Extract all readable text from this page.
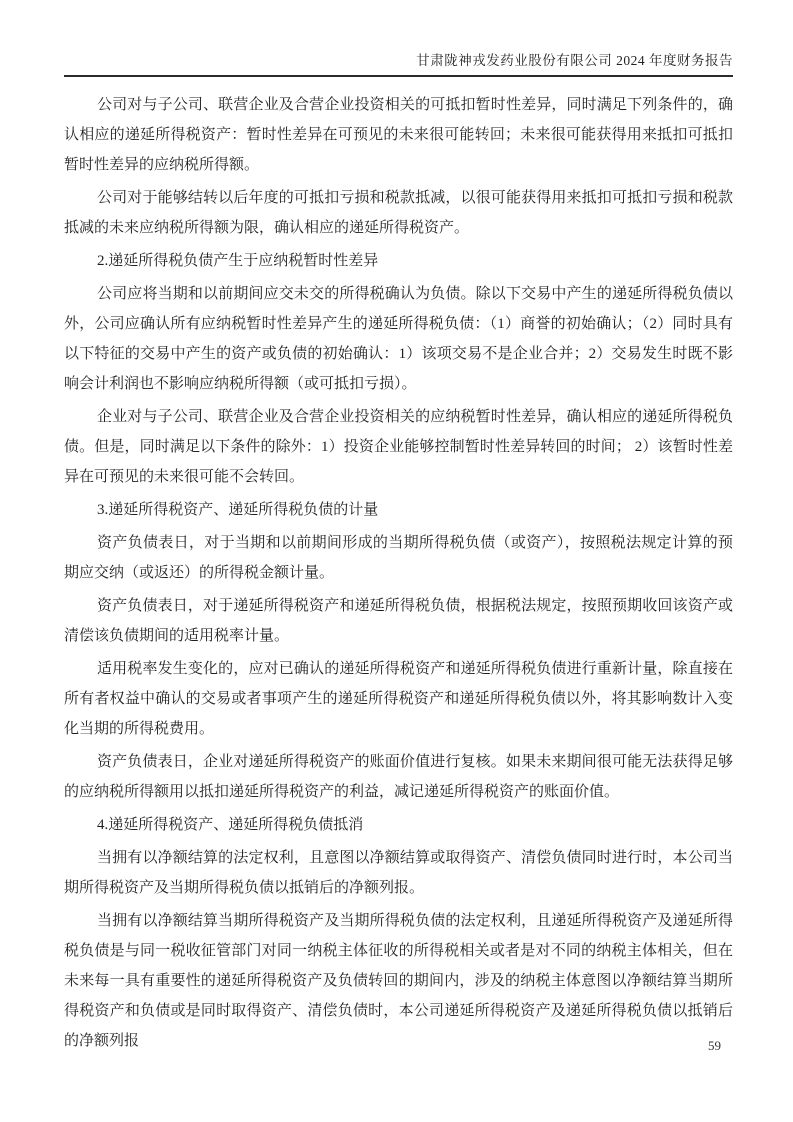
甘肃陇神戎发药业股份有限公司 2024 年度财务报告

公司对与子公司、联营企业及合营企业投资相关的可抵扣暂时性差异，同时满足下列条件的，确认相应的递延所得税资产：暂时性差异在可预见的未来很可能转回；未来很可能获得用来抵扣可抵扣暂时性差异的应纳税所得额。

公司对于能够结转以后年度的可抵扣亏损和税款抵减，以很可能获得用来抵扣可抵扣亏损和税款抵减的未来应纳税所得额为限，确认相应的递延所得税资产。

2.递延所得税负债产生于应纳税暂时性差异

公司应将当期和以前期间应交未交的所得税确认为负债。除以下交易中产生的递延所得税负债以外，公司应确认所有应纳税暂时性差异产生的递延所得税负债：（1）商誉的初始确认；（2）同时具有以下特征的交易中产生的资产或负债的初始确认：1）该项交易不是企业合并；2）交易发生时既不影响会计利润也不影响应纳税所得额（或可抵扣亏损）。

企业对与子公司、联营企业及合营企业投资相关的应纳税暂时性差异，确认相应的递延所得税负债。但是，同时满足以下条件的除外：1）投资企业能够控制暂时性差异转回的时间； 2）该暂时性差异在可预见的未来很可能不会转回。

3.递延所得税资产、递延所得税负债的计量

资产负债表日，对于当期和以前期间形成的当期所得税负债（或资产），按照税法规定计算的预期应交纳（或返还）的所得税金额计量。

资产负债表日，对于递延所得税资产和递延所得税负债，根据税法规定，按照预期收回该资产或清偿该负债期间的适用税率计量。

适用税率发生变化的，应对已确认的递延所得税资产和递延所得税负债进行重新计量，除直接在所有者权益中确认的交易或者事项产生的递延所得税资产和递延所得税负债以外，将其影响数计入变化当期的所得税费用。

资产负债表日，企业对递延所得税资产的账面价值进行复核。如果未来期间很可能无法获得足够的应纳税所得额用以抵扣递延所得税资产的利益，减记递延所得税资产的账面价值。

4.递延所得税资产、递延所得税负债抵消

当拥有以净额结算的法定权利，且意图以净额结算或取得资产、清偿负债同时进行时，本公司当期所得税资产及当期所得税负债以抵销后的净额列报。

当拥有以净额结算当期所得税资产及当期所得税负债的法定权利，且递延所得税资产及递延所得税负债是与同一税收征管部门对同一纳税主体征收的所得税相关或者是对不同的纳税主体相关，但在未来每一具有重要性的递延所得税资产及负债转回的期间内，涉及的纳税主体意图以净额结算当期所得税资产和负债或是同时取得资产、清偿负债时，本公司递延所得税资产及递延所得税负债以抵销后的净额列报	59
